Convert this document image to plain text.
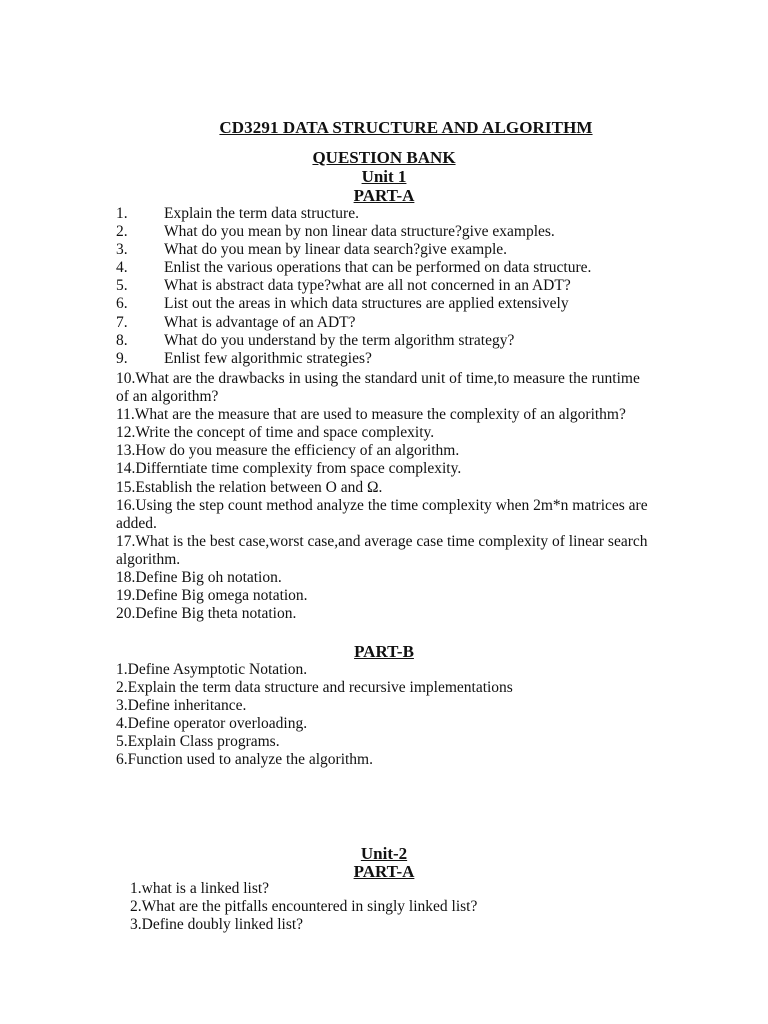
CD3291 DATA STRUCTURE AND ALGORITHM
QUESTION BANK
Unit 1
PART-A
1. Explain the term data structure.
2. What do you mean by non linear data structure?give examples.
3. What do you mean by linear data search?give example.
4. Enlist the various operations that can be performed on data structure.
5. What is abstract data type?what are all not concerned in an ADT?
6. List out the areas in which data structures are applied extensively
7. What is advantage of an ADT?
8. What do you understand by the term algorithm strategy?
9. Enlist few algorithmic strategies?
10.What are the drawbacks in using the standard unit of time,to measure the runtime of an algorithm?
11.What are the measure that are used to measure the complexity of an algorithm?
12.Write the concept of time and space complexity.
13.How do you measure the efficiency of an algorithm.
14.Differntiate time complexity from space complexity.
15.Establish the relation between O and Ω.
16.Using the step count method analyze the time complexity when 2m*n matrices are added.
17.What is the best case,worst case,and average case time complexity of linear search algorithm.
18.Define Big oh notation.
19.Define Big omega notation.
20.Define Big theta notation.
PART-B
1.Define Asymptotic Notation.
2.Explain the term data structure and recursive implementations
3.Define inheritance.
4.Define operator overloading.
5.Explain Class programs.
6.Function used to analyze the algorithm.
Unit-2
PART-A
1.what is a linked list?
2.What are the pitfalls encountered in singly linked list?
3.Define doubly linked list?
